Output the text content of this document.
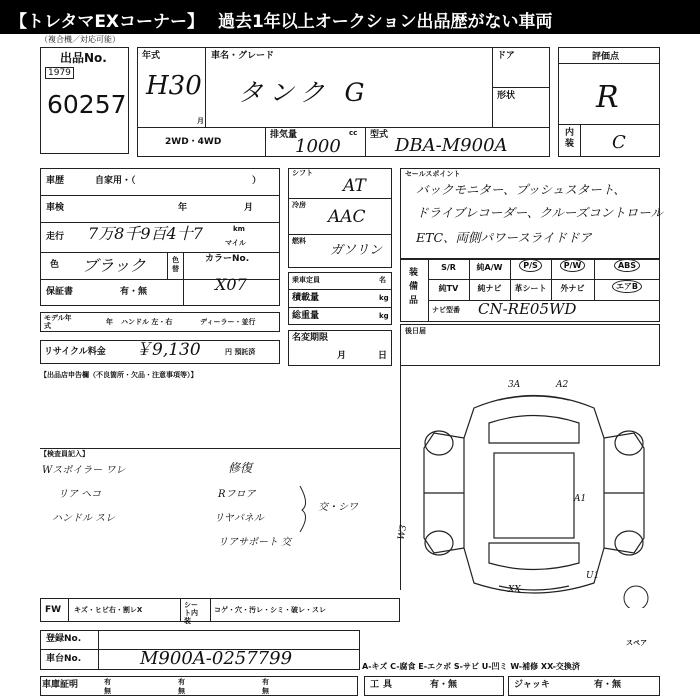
【トレタマEXコーナー】 過去1年以上オークション出品歴がない車両
（複合機／対応可能）
出品No.
1979
60257
年式
H30
月
車名・グレード
タンク G
ドア
形状
2WD・4WD
排気量	cc
1000
型式 DBA-M900A
評価点
R
内装 C
車歴	自家用・（	）
車検	年	月
走行 7万8千9百4十7	km
マイル
色 ブラック	色替
カラーNo.
X07
保証書	有・無
モデル年式	年 ハンドル 左・右	ディーラー・並行
リサイクル料金 ￥9,130	円 預託済
シフト
AT
冷房
AAC
燃料
ガソリン
乗車定員	名
積載量	kg
総重量	kg
名変期限
月	日
セールスポイント
バックモニター、プッシュスタート、
ドライブレコーダー、クルーズコントロール
ETC、両側パワースライドドア
装備品
S/R	純A/W	P/S	P/W	ABS
純TV	純ナビ	革シート	外ナビ	エアB
ナビ型番 CN-RE05WD
後日届
【出品店申告欄（不良箇所・欠品・注意事項等）】
【検査員記入】
Wスポイラー ワレ
リア ヘコ
ハンドル スレ
修復
Rフロア
リヤパネル
リアサポート 交
交・シワ
3A	A2
A1
U1
XX
W3
スペア
FW キズ・ヒビ右・割レX
シート内装
コゲ・穴・汚レ・シミ・破レ・スレ
登録No.
車台No.	M900A-0257799	A-キズ C-腐食 E-エクボ S-サビ U-凹ミ W-補修 XX-交換済
車庫証明	有
無
有
無
有
無
工具	有・無	ジャッキ	有・無
